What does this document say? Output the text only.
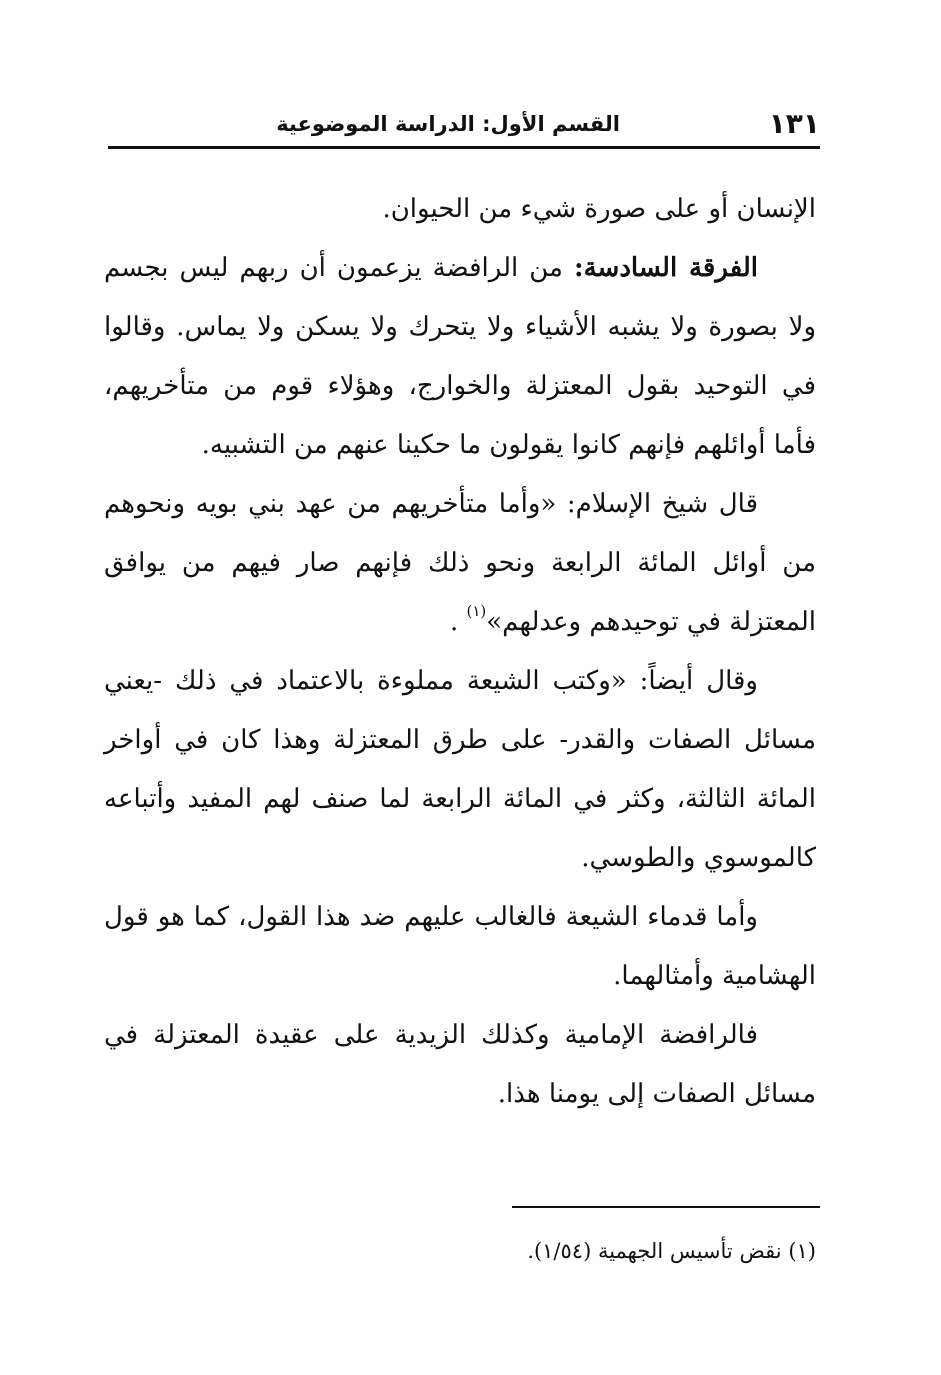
١٣١
القسم الأول: الدراسة الموضوعية

الإنسان أو على صورة شيء من الحيوان.

الفرقة السادسة: من الرافضة يزعمون أن ربهم ليس بجسم ولا بصورة ولا يشبه الأشياء ولا يتحرك ولا يسكن ولا يماس. وقالوا في التوحيد بقول المعتزلة والخوارج، وهؤلاء قوم من متأخريهم، فأما أوائلهم فإنهم كانوا يقولون ما حكينا عنهم من التشبيه.

قال شيخ الإسلام: «وأما متأخريهم من عهد بني بويه ونحوهم من أوائل المائة الرابعة ونحو ذلك فإنهم صار فيهم من يوافق المعتزلة في توحيدهم وعدلهم»$^{(١)}$ .

وقال أيضاً: «وكتب الشيعة مملوءة بالاعتماد في ذلك -يعني مسائل الصفات والقدر- على طرق المعتزلة وهذا كان في أواخر المائة الثالثة، وكثر في المائة الرابعة لما صنف لهم المفيد وأتباعه كالموسوي والطوسي.

وأما قدماء الشيعة فالغالب عليهم ضد هذا القول، كما هو قول الهشامية وأمثالهما.

فالرافضة الإمامية وكذلك الزيدية على عقيدة المعتزلة في مسائل الصفات إلى يومنا هذا.

(١) نقض تأسيس الجهمية (١/٥٤).
